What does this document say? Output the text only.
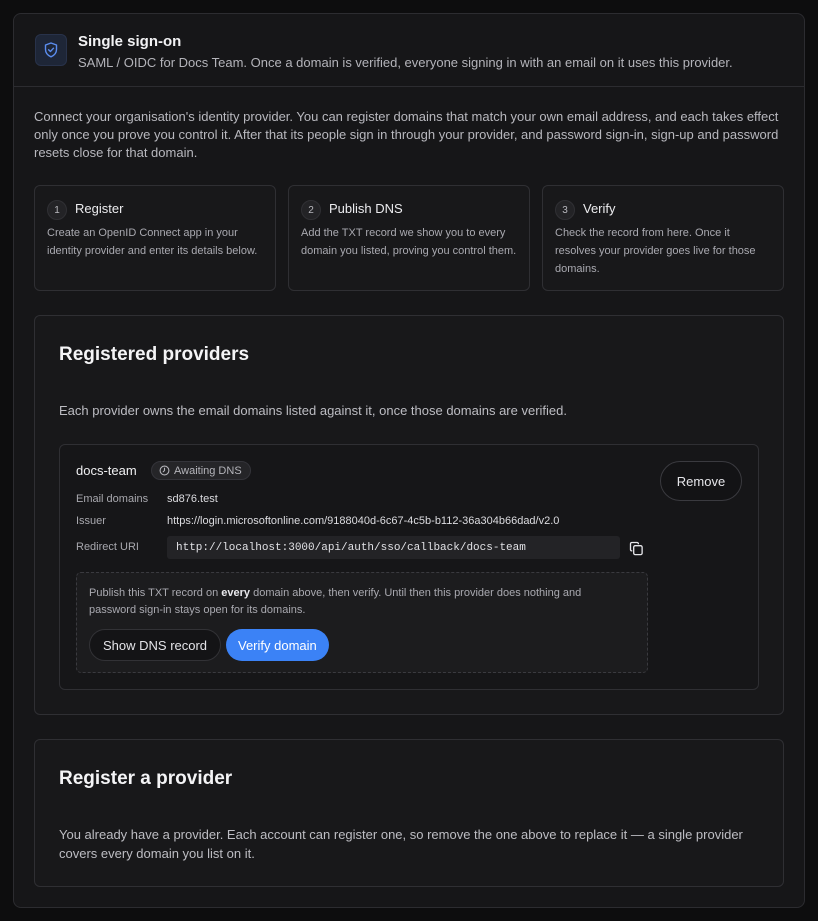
Single sign-on
SAML / OIDC for Docs Team. Once a domain is verified, everyone signing in with an email on it uses this provider.
Connect your organisation's identity provider. You can register domains that match your own email address, and each takes effect only once you prove you control it. After that its people sign in through your provider, and password sign-in, sign-up and password resets close for that domain.
1	Register
Create an OpenID Connect app in your identity provider and enter its details below.
2	Publish DNS
Add the TXT record we show you to every domain you listed, proving you control them.
3	Verify
Check the record from here. Once it resolves your provider goes live for those domains.
Registered providers
Each provider owns the email domains listed against it, once those domains are verified.
docs-team	Awaiting DNS
Remove
Email domains sd876.test
Issuer	https://login.microsoftonline.com/9188040d-6c67-4c5b-b112-36a304b66dad/v2.0
Redirect URI	http://localhost:3000/api/auth/sso/callback/docs-team
Publish this TXT record on every domain above, then verify. Until then this provider does nothing and password sign-in stays open for its domains.
Show DNS record	Verify domain
Register a provider
You already have a provider. Each account can register one, so remove the one above to replace it — a single provider covers every domain you list on it.
